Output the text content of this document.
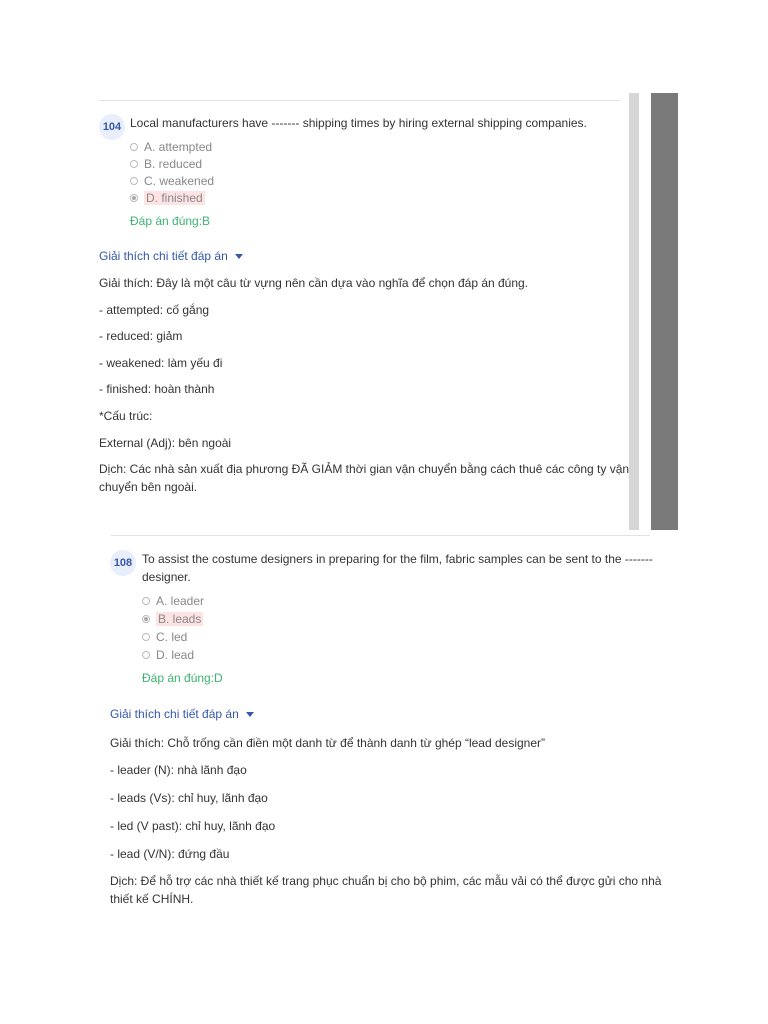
104 Local manufacturers have ------- shipping times by hiring external shipping companies.
A. attempted
B. reduced
C. weakened
D. finished
Đáp án đúng:B
Giải thích chi tiết đáp án
Giải thích: Đây là một câu từ vựng nên cần dựa vào nghĩa để chọn đáp án đúng.
- attempted: cố gắng
- reduced: giảm
- weakened: làm yếu đi
- finished: hoàn thành
*Cấu trúc:
External (Adj): bên ngoài
Dịch: Các nhà sản xuất địa phương ĐÃ GIẢM thời gian vận chuyển bằng cách thuê các công ty vận
chuyển bên ngoài.
108 To assist the costume designers in preparing for the film, fabric samples can be sent to the -------
designer.
A. leader
B. leads
C. led
D. lead
Đáp án đúng:D
Giải thích chi tiết đáp án
Giải thích: Chỗ trống cần điền một danh từ để thành danh từ ghép “lead designer”
- leader (N): nhà lãnh đạo
- leads (Vs): chỉ huy, lãnh đạo
- led (V past): chỉ huy, lãnh đạo
- lead (V/N): đứng đầu
Dịch: Để hỗ trợ các nhà thiết kế trang phục chuẩn bị cho bộ phim, các mẫu vải có thể được gửi cho nhà
thiết kế CHÍNH.
